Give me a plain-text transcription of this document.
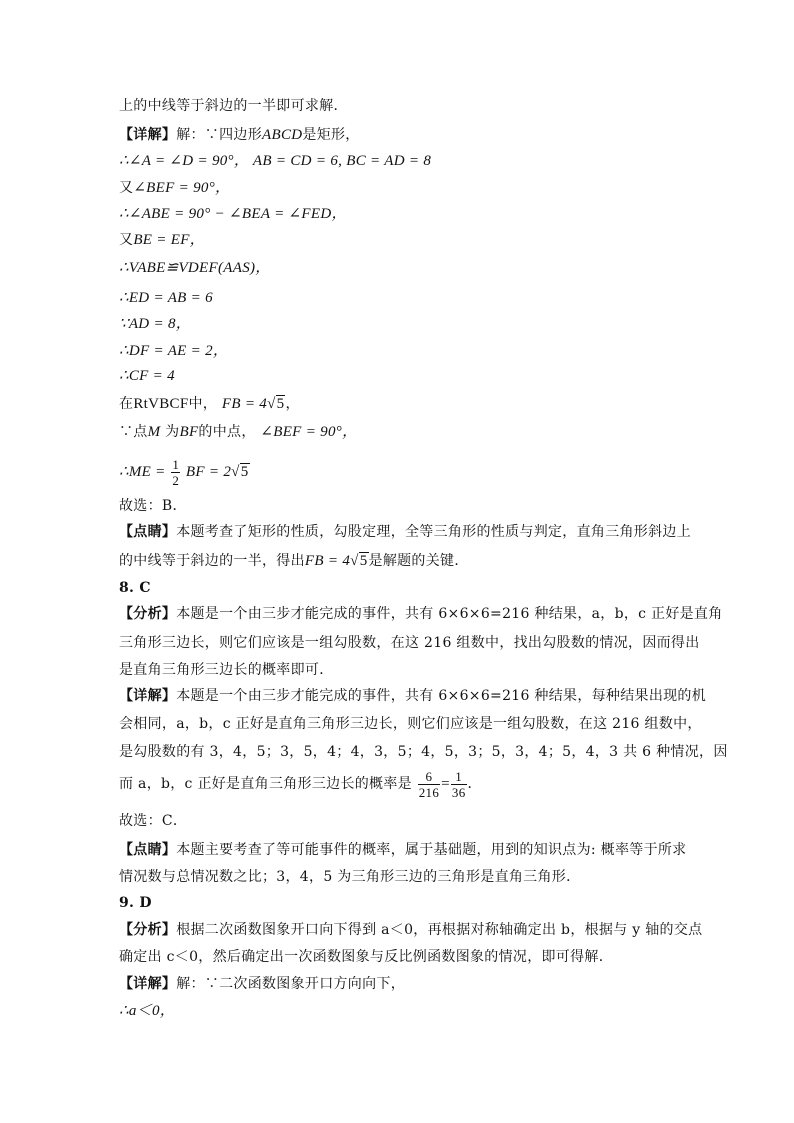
上的中线等于斜边的一半即可求解．
【详解】解：∵四边形ABCD是矩形，
∴∠A = ∠D = 90°， AB = CD = 6, BC = AD = 8
又∠BEF = 90°，
∴∠ABE = 90° − ∠BEA = ∠FED，
又BE = EF，
∴VABE≌VDEF(AAS)，
∴ED = AB = 6
∵AD = 8，
∴DF = AE = 2，
∴CF = 4
在RtVBCF中， FB = 4√5，
∵点M 为BF的中点， ∠BEF = 90°，
∴ME = $\frac{1}{2}$ BF = 2√5
故选：B．
【点睛】本题考查了矩形的性质，勾股定理，全等三角形的性质与判定，直角三角形斜边上
的中线等于斜边的一半，得出FB = 4√5是解题的关键．
8. C
【分析】本题是一个由三步才能完成的事件，共有 6×6×6=216 种结果，a，b，c 正好是直角
三角形三边长，则它们应该是一组勾股数，在这 216 组数中，找出勾股数的情况，因而得出
是直角三角形三边长的概率即可．
【详解】本题是一个由三步才能完成的事件，共有 6×6×6=216 种结果，每种结果出现的机
会相同，a，b，c 正好是直角三角形三边长，则它们应该是一组勾股数，在这 216 组数中，
是勾股数的有 3，4，5；3，5，4；4，3，5；4，5，3；5，3，4；5，4，3 共 6 种情况，因
而 a，b，c 正好是直角三角形三边长的概率是 $\frac{6}{216} = \frac{1}{36}$ ．
故选：C．
【点睛】本题主要考查了等可能事件的概率，属于基础题，用到的知识点为: 概率等于所求
情况数与总情况数之比；3，4，5 为三角形三边的三角形是直角三角形．
9. D
【分析】根据二次函数图象开口向下得到 a＜0，再根据对称轴确定出 b，根据与 y 轴的交点
确定出 c＜0，然后确定出一次函数图象与反比例函数图象的情况，即可得解．
【详解】解：∵二次函数图象开口方向向下，
∴a＜0，
